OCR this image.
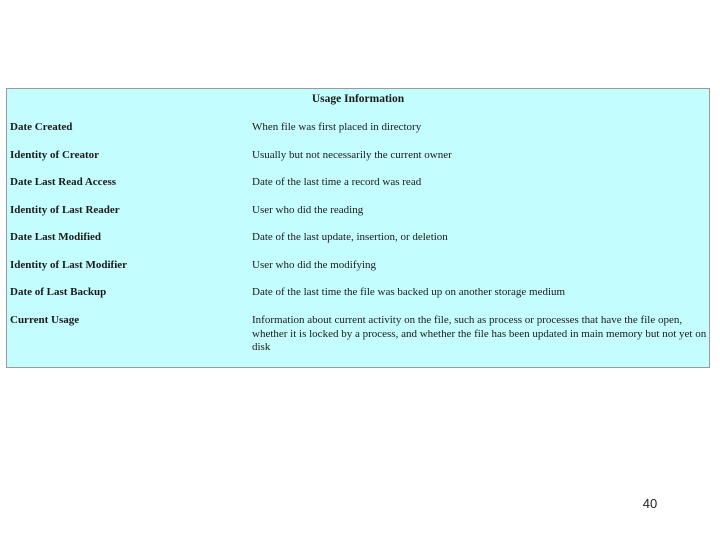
Usage Information
Date Created	When file was first placed in directory
Identity of Creator	Usually but not necessarily the current owner
Date Last Read Access	Date of the last time a record was read
Identity of Last Reader	User who did the reading
Date Last Modified	Date of the last update, insertion, or deletion
Identity of Last Modifier	User who did the modifying
Date of Last Backup	Date of the last time the file was backed up on another storage medium
Current Usage	Information about current activity on the file, such as process or processes that have the file open, whether it is locked by a process, and whether the file has been updated in main memory but not yet on disk
40
